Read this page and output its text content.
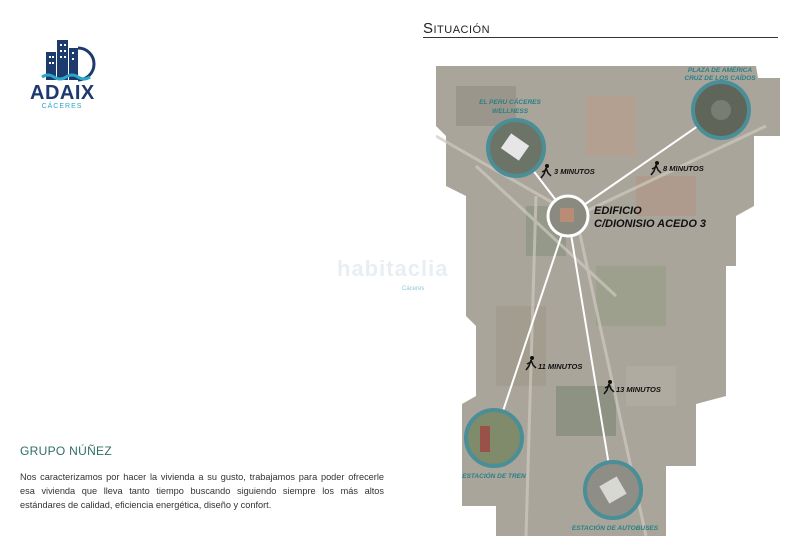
ADAIX
CÁCERES
Situación
habitaclia
Cáceres
3 MINUTOS	8 MINUTOS
11 MINUTOS
13 MINUTOS
EL PERU CÁCERES
WELLNESS
PLAZA DE AMÉRICA
CRUZ DE LOS CAÍDOS
ESTACIÓN DE TREN
ESTACIÓN DE AUTOBUSES
EDIFICIO
C/DIONISIO ACEDO 3
GRUPO NÚÑEZ
Nos caracterizamos por hacer la vivienda a su gusto, trabajamos para poder ofrecerle esa vivienda que lleva tanto tiempo buscando siguiendo siempre los más altos estándares de calidad, eficiencia energética, diseño y confort.
